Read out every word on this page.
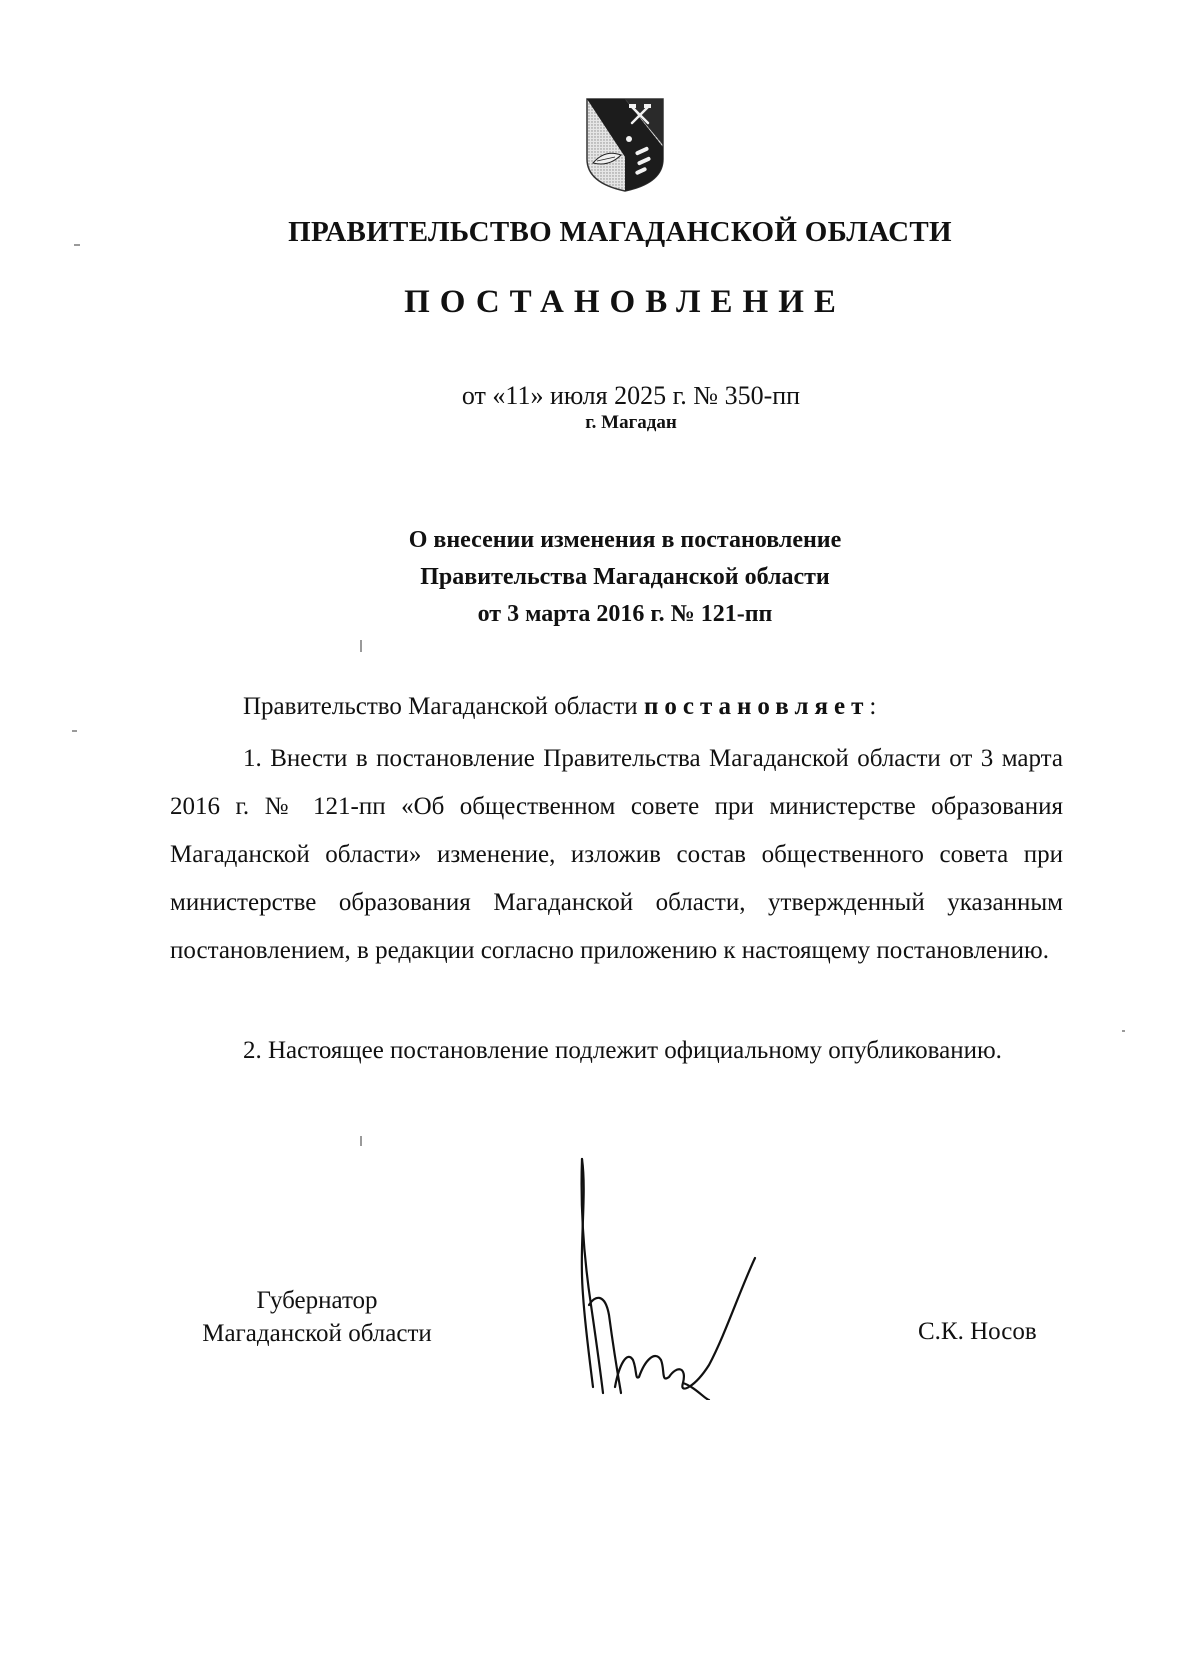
ПРАВИТЕЛЬСТВО МАГАДАНСКОЙ ОБЛАСТИ
ПОСТАНОВЛЕНИЕ
от «11» июля 2025 г. № 350-пп
г. Магадан
О внесении изменения в постановление
Правительства Магаданской области
от 3 марта 2016 г. № 121-пп
Правительство Магаданской области постановляет:
1. Внести в постановление Правительства Магаданской области от 3 марта 2016 г. № 121-пп «Об общественном совете при министерстве образования Магаданской области» изменение, изложив состав общественного совета при министерстве образования Магаданской области, утвержденный указанным постановлением, в редакции согласно приложению к настоящему постановлению.
2. Настоящее постановление подлежит официальному опубликованию.
Губернатор
Магаданской области	С.К. Носов
